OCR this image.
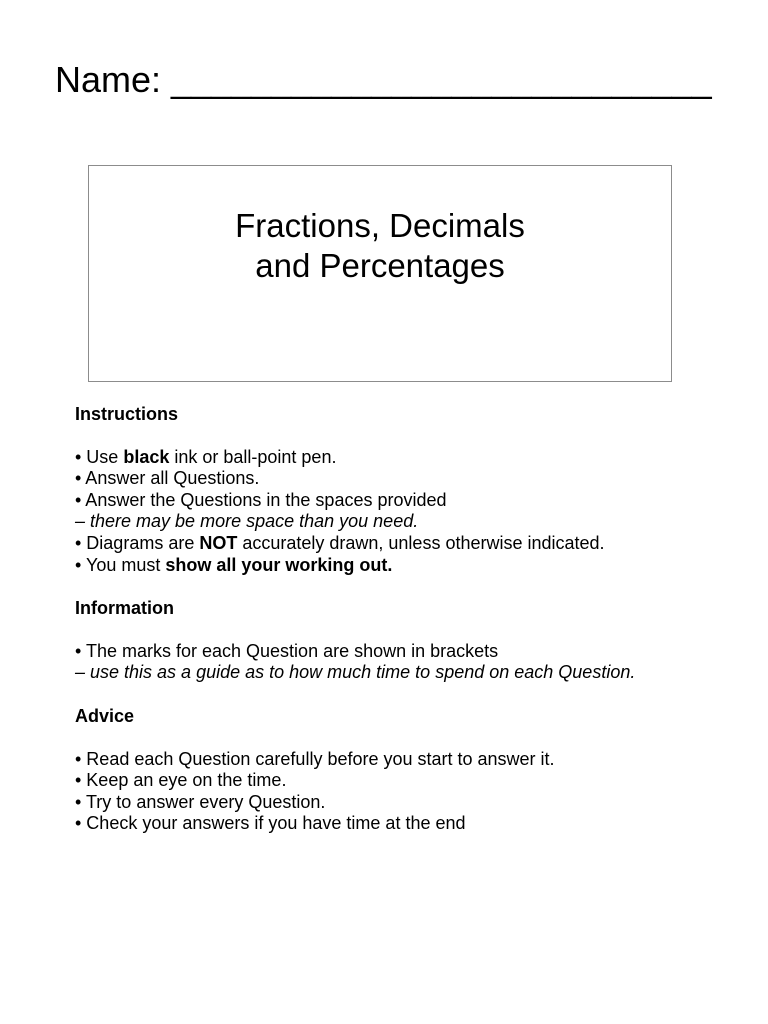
Name: ___________________________
Fractions, Decimals
and Percentages

Instructions

• Use black ink or ball-point pen.

• Answer all Questions.

• Answer the Questions in the spaces provided

– there may be more space than you need.

• Diagrams are NOT accurately drawn, unless otherwise indicated.

• You must show all your working out.

Information

• The marks for each Question are shown in brackets

– use this as a guide as to how much time to spend on each Question.

Advice

• Read each Question carefully before you start to answer it.

• Keep an eye on the time.

• Try to answer every Question.

• Check your answers if you have time at the end
